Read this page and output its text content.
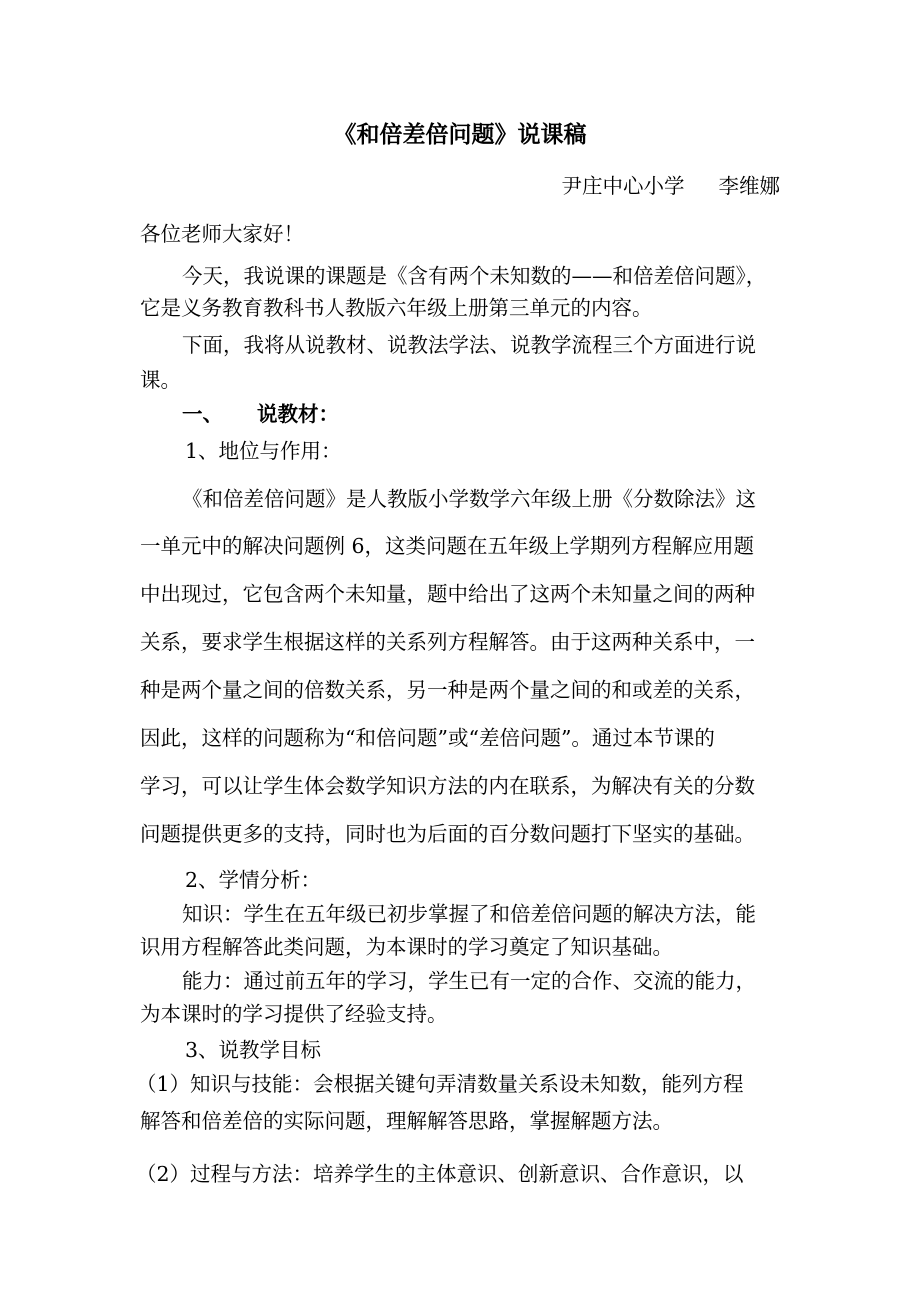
《和倍差倍问题》说课稿
尹庄中心小学 李维娜
各位老师大家好！
今天，我说课的课题是《含有两个未知数的——和倍差倍问题》，
它是义务教育教科书人教版六年级上册第三单元的内容。
下面，我将从说教材、说教法学法、说教学流程三个方面进行说
课。
一、 说教材：
1、地位与作用：
《和倍差倍问题》是人教版小学数学六年级上册《分数除法》这
一单元中的解决问题例 6，这类问题在五年级上学期列方程解应用题
中出现过，它包含两个未知量，题中给出了这两个未知量之间的两种
关系，要求学生根据这样的关系列方程解答。由于这两种关系中，一
种是两个量之间的倍数关系，另一种是两个量之间的和或差的关系，
因此，这样的问题称为“和倍问题”或“差倍问题”。通过本节课的
学习，可以让学生体会数学知识方法的内在联系，为解决有关的分数
问题提供更多的支持，同时也为后面的百分数问题打下坚实的基础。
2、学情分析：
知识：学生在五年级已初步掌握了和倍差倍问题的解决方法，能
识用方程解答此类问题，为本课时的学习奠定了知识基础。
能力：通过前五年的学习，学生已有一定的合作、交流的能力，
为本课时的学习提供了经验支持。
3、说教学目标
（1）知识与技能：会根据关键句弄清数量关系设未知数，能列方程
解答和倍差倍的实际问题，理解解答思路，掌握解题方法。
（2）过程与方法：培养学生的主体意识、创新意识、合作意识，以
